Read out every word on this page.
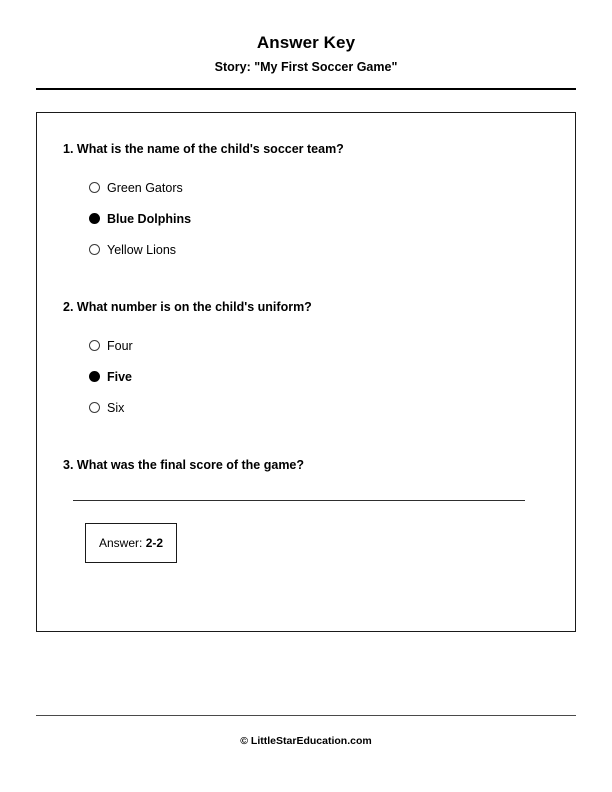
Answer Key
Story: "My First Soccer Game"
1. What is the name of the child's soccer team?
Green Gators
Blue Dolphins
Yellow Lions
2. What number is on the child's uniform?
Four
Five
Six
3. What was the final score of the game?
Answer: 2-2
© LittleStarEducation.com
